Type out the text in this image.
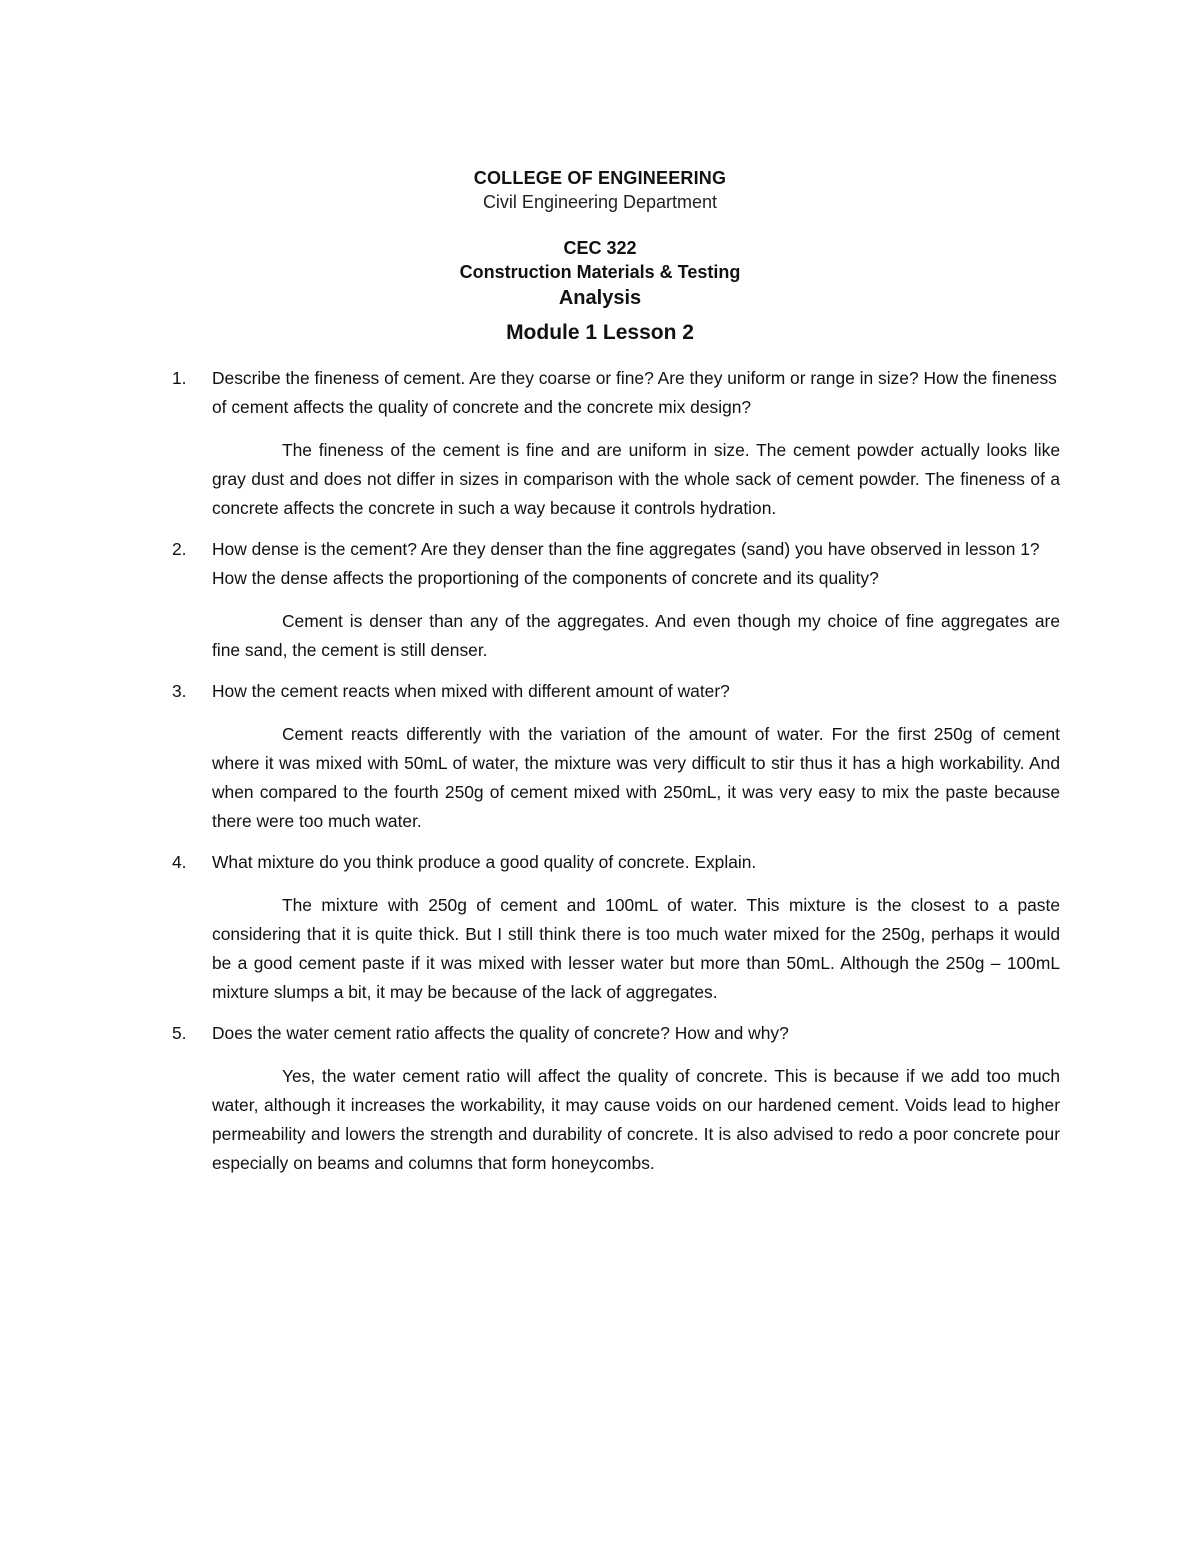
COLLEGE OF ENGINEERING
Civil Engineering Department
CEC 322
Construction Materials & Testing
Analysis
Module 1 Lesson 2
1. Describe the fineness of cement. Are they coarse or fine? Are they uniform or range in size? How the fineness of cement affects the quality of concrete and the concrete mix design?

The fineness of the cement is fine and are uniform in size. The cement powder actually looks like gray dust and does not differ in sizes in comparison with the whole sack of cement powder. The fineness of a concrete affects the concrete in such a way because it controls hydration.

2. How dense is the cement? Are they denser than the fine aggregates (sand) you have observed in lesson 1? How the dense affects the proportioning of the components of concrete and its quality?

Cement is denser than any of the aggregates. And even though my choice of fine aggregates are fine sand, the cement is still denser.

3. How the cement reacts when mixed with different amount of water?

Cement reacts differently with the variation of the amount of water. For the first 250g of cement where it was mixed with 50mL of water, the mixture was very difficult to stir thus it has a high workability. And when compared to the fourth 250g of cement mixed with 250mL, it was very easy to mix the paste because there were too much water.

4. What mixture do you think produce a good quality of concrete. Explain.

The mixture with 250g of cement and 100mL of water. This mixture is the closest to a paste considering that it is quite thick. But I still think there is too much water mixed for the 250g, perhaps it would be a good cement paste if it was mixed with lesser water but more than 50mL. Although the 250g – 100mL mixture slumps a bit, it may be because of the lack of aggregates.

5. Does the water cement ratio affects the quality of concrete? How and why?

Yes, the water cement ratio will affect the quality of concrete. This is because if we add too much water, although it increases the workability, it may cause voids on our hardened cement. Voids lead to higher permeability and lowers the strength and durability of concrete. It is also advised to redo a poor concrete pour especially on beams and columns that form honeycombs.
